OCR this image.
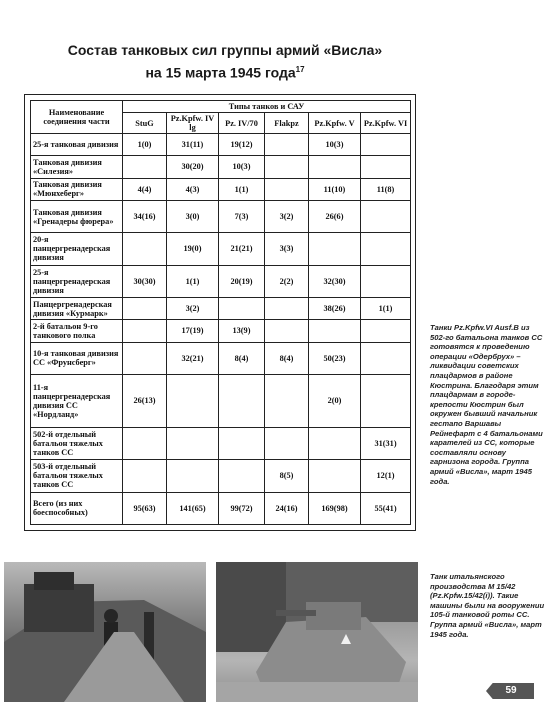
Состав танковых сил группы армий «Висла»
на 15 марта 1945 года$^{17}$
Наименование соединения части	Типы танков и САУ					
	StuG	Pz.Kpfw. IV lg	Pz. IV/70	Flakpz	Pz.Kpfw. V	Pz.Kpfw. VI
25-я танковая дивизия	1(0)	31(11)	19(12)		10(3)	
Танковая дивизия «Силезия»		30(20)	10(3)			
Танковая дивизия «Мюнхеберг»	4(4)	4(3)	1(1)		11(10)	11(8)
Танковая дивизия «Гренадеры фюрера»	34(16)	3(0)	7(3)	3(2)	26(6)	
20-я панцергренадерская дивизия		19(0)	21(21)	3(3)		
25-я панцергренадерская дивизия	30(30)	1(1)	20(19)	2(2)	32(30)	
Панцергренадерская дивизия «Курмарк»		3(2)			38(26)	1(1)
2-й батальон 9-го танкового полка		17(19)	13(9)			
10-я танковая дивизия СС «Фрунсберг»		32(21)	8(4)	8(4)	50(23)	
11-я панцергренадерская дивизия СС «Нордланд»	26(13)				2(0)	
502-й отдельный батальон тяжелых танков СС						31(31)
503-й отдельный батальон тяжелых танков СС				8(5)		12(1)
Всего (из них боеспособных)	95(63)	141(65)	99(72)	24(16)	169(98)	55(41)
Танки Pz.Kpfw.VI Ausf.B из 502-го батальона танков СС готовятся к проведению операции «Одербрух» – ликвидации советских плацдармов в районе Кюстрина. Благодаря этим плацдармам в городе-крепости Кюстрин был окружен бывший начальник гестапо Варшавы Рейнефарт с 4 батальонами карателей из СС, которые составляли основу гарнизона города. Группа армий «Висла», март 1945 года.
Танк итальянского производства M 15/42 (Pz.Kpfw.15/42(i)). Такие машины были на вооружении 105-й танковой роты СС. Группа армий «Висла», март 1945 года.
59
